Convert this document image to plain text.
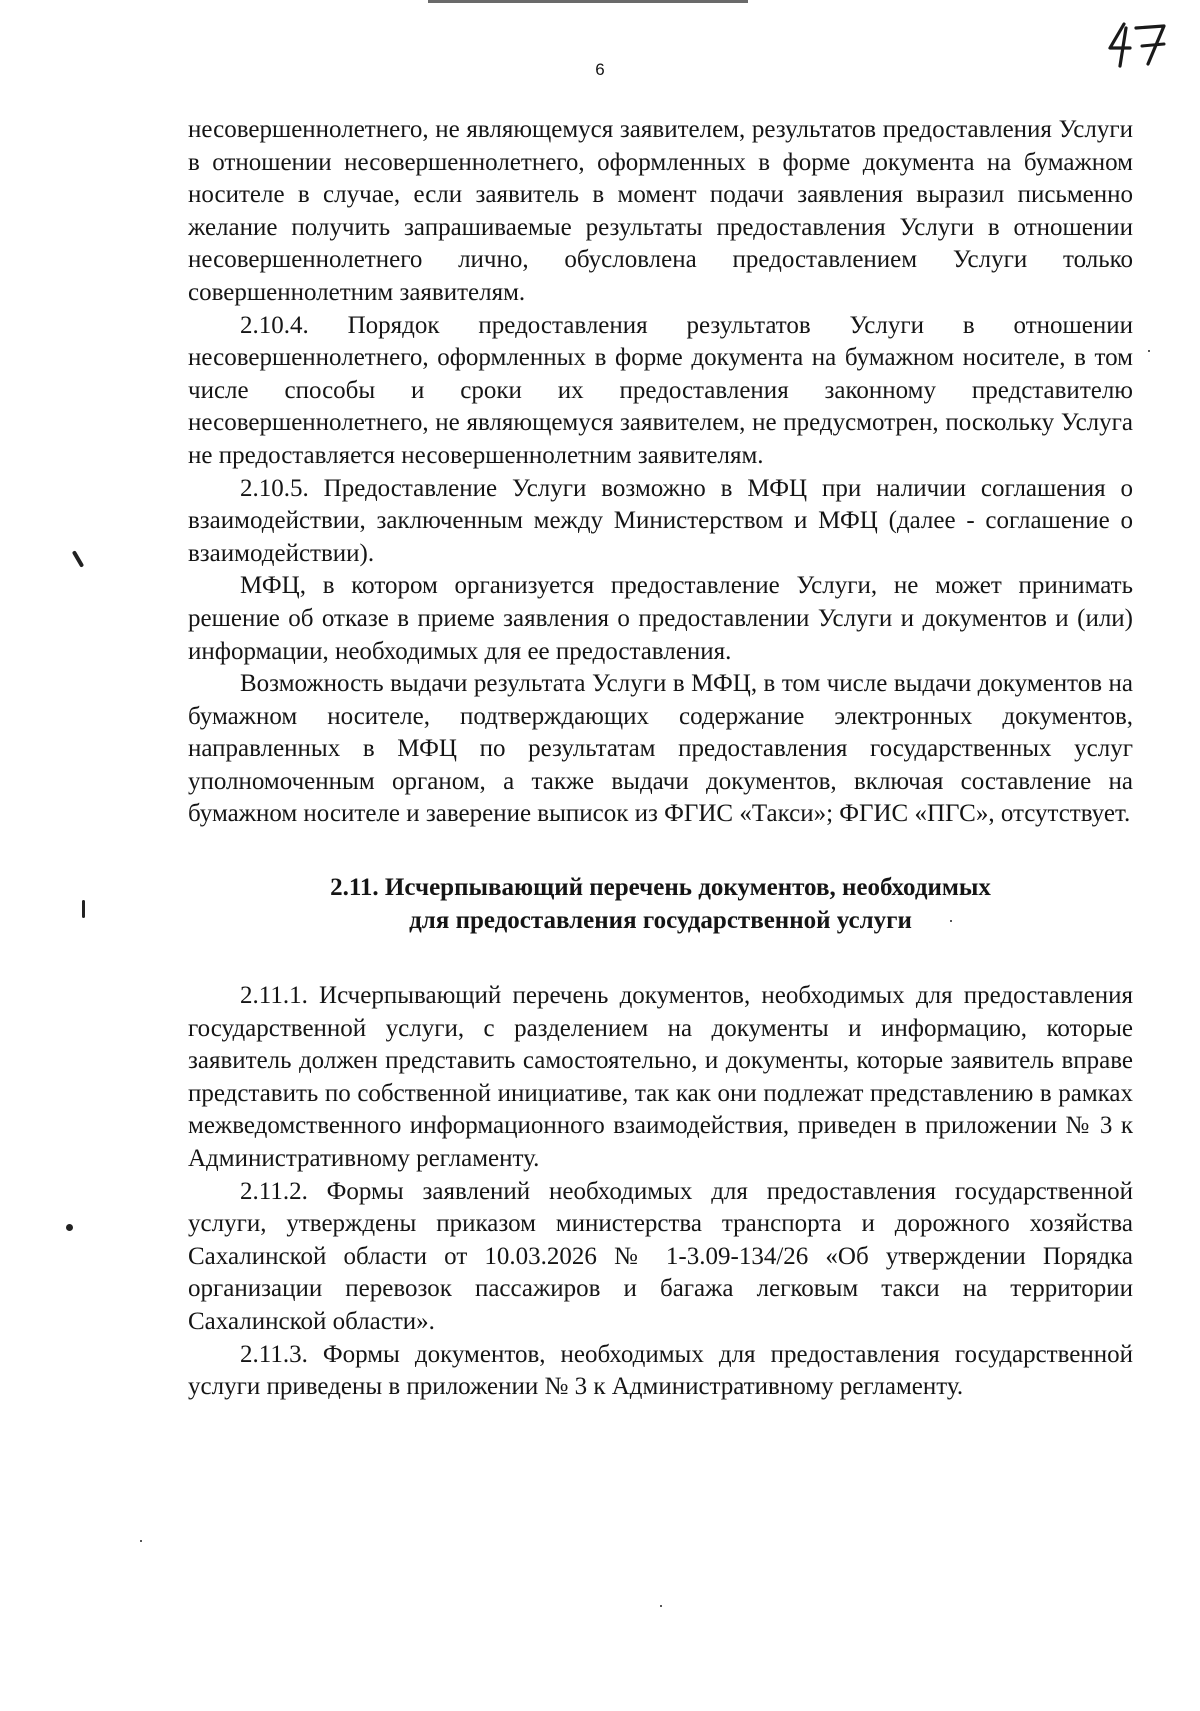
6

несовершеннолетнего, не являющемуся заявителем, результатов предоставления Услуги в отношении несовершеннолетнего, оформленных в форме документа на бумажном носителе в случае, если заявитель в момент подачи заявления выразил письменно желание получить запрашиваемые результаты предоставления Услуги в отношении несовершеннолетнего лично, обусловлена предоставлением Услуги только совершеннолетним заявителям.

2.10.4. Порядок предоставления результатов Услуги в отношении несовершеннолетнего, оформленных в форме документа на бумажном носителе, в том числе способы и сроки их предоставления законному представителю несовершеннолетнего, не являющемуся заявителем, не предусмотрен, поскольку Услуга не предоставляется несовершеннолетним заявителям.

2.10.5. Предоставление Услуги возможно в МФЦ при наличии соглашения о взаимодействии, заключенным между Министерством и МФЦ (далее - соглашение о взаимодействии).

МФЦ, в котором организуется предоставление Услуги, не может принимать решение об отказе в приеме заявления о предоставлении Услуги и документов и (или) информации, необходимых для ее предоставления.

Возможность выдачи результата Услуги в МФЦ, в том числе выдачи документов на бумажном носителе, подтверждающих содержание электронных документов, направленных в МФЦ по результатам предоставления государственных услуг уполномоченным органом, а также выдачи документов, включая составление на бумажном носителе и заверение выписок из ФГИС «Такси»; ФГИС «ПГС», отсутствует.

2.11. Исчерпывающий перечень документов, необходимых
для предоставления государственной услуги

2.11.1. Исчерпывающий перечень документов, необходимых для предоставления государственной услуги, с разделением на документы и информацию, которые заявитель должен представить самостоятельно, и документы, которые заявитель вправе представить по собственной инициативе, так как они подлежат представлению в рамках межведомственного информационного взаимодействия, приведен в приложении № 3 к Административному регламенту.

2.11.2. Формы заявлений необходимых для предоставления государственной услуги, утверждены приказом министерства транспорта и дорожного хозяйства Сахалинской области от 10.03.2026 № 1-3.09-134/26 «Об утверждении Порядка организации перевозок пассажиров и багажа легковым такси на территории Сахалинской области».

2.11.3. Формы документов, необходимых для предоставления государственной услуги приведены в приложении № 3 к Административному регламенту.
